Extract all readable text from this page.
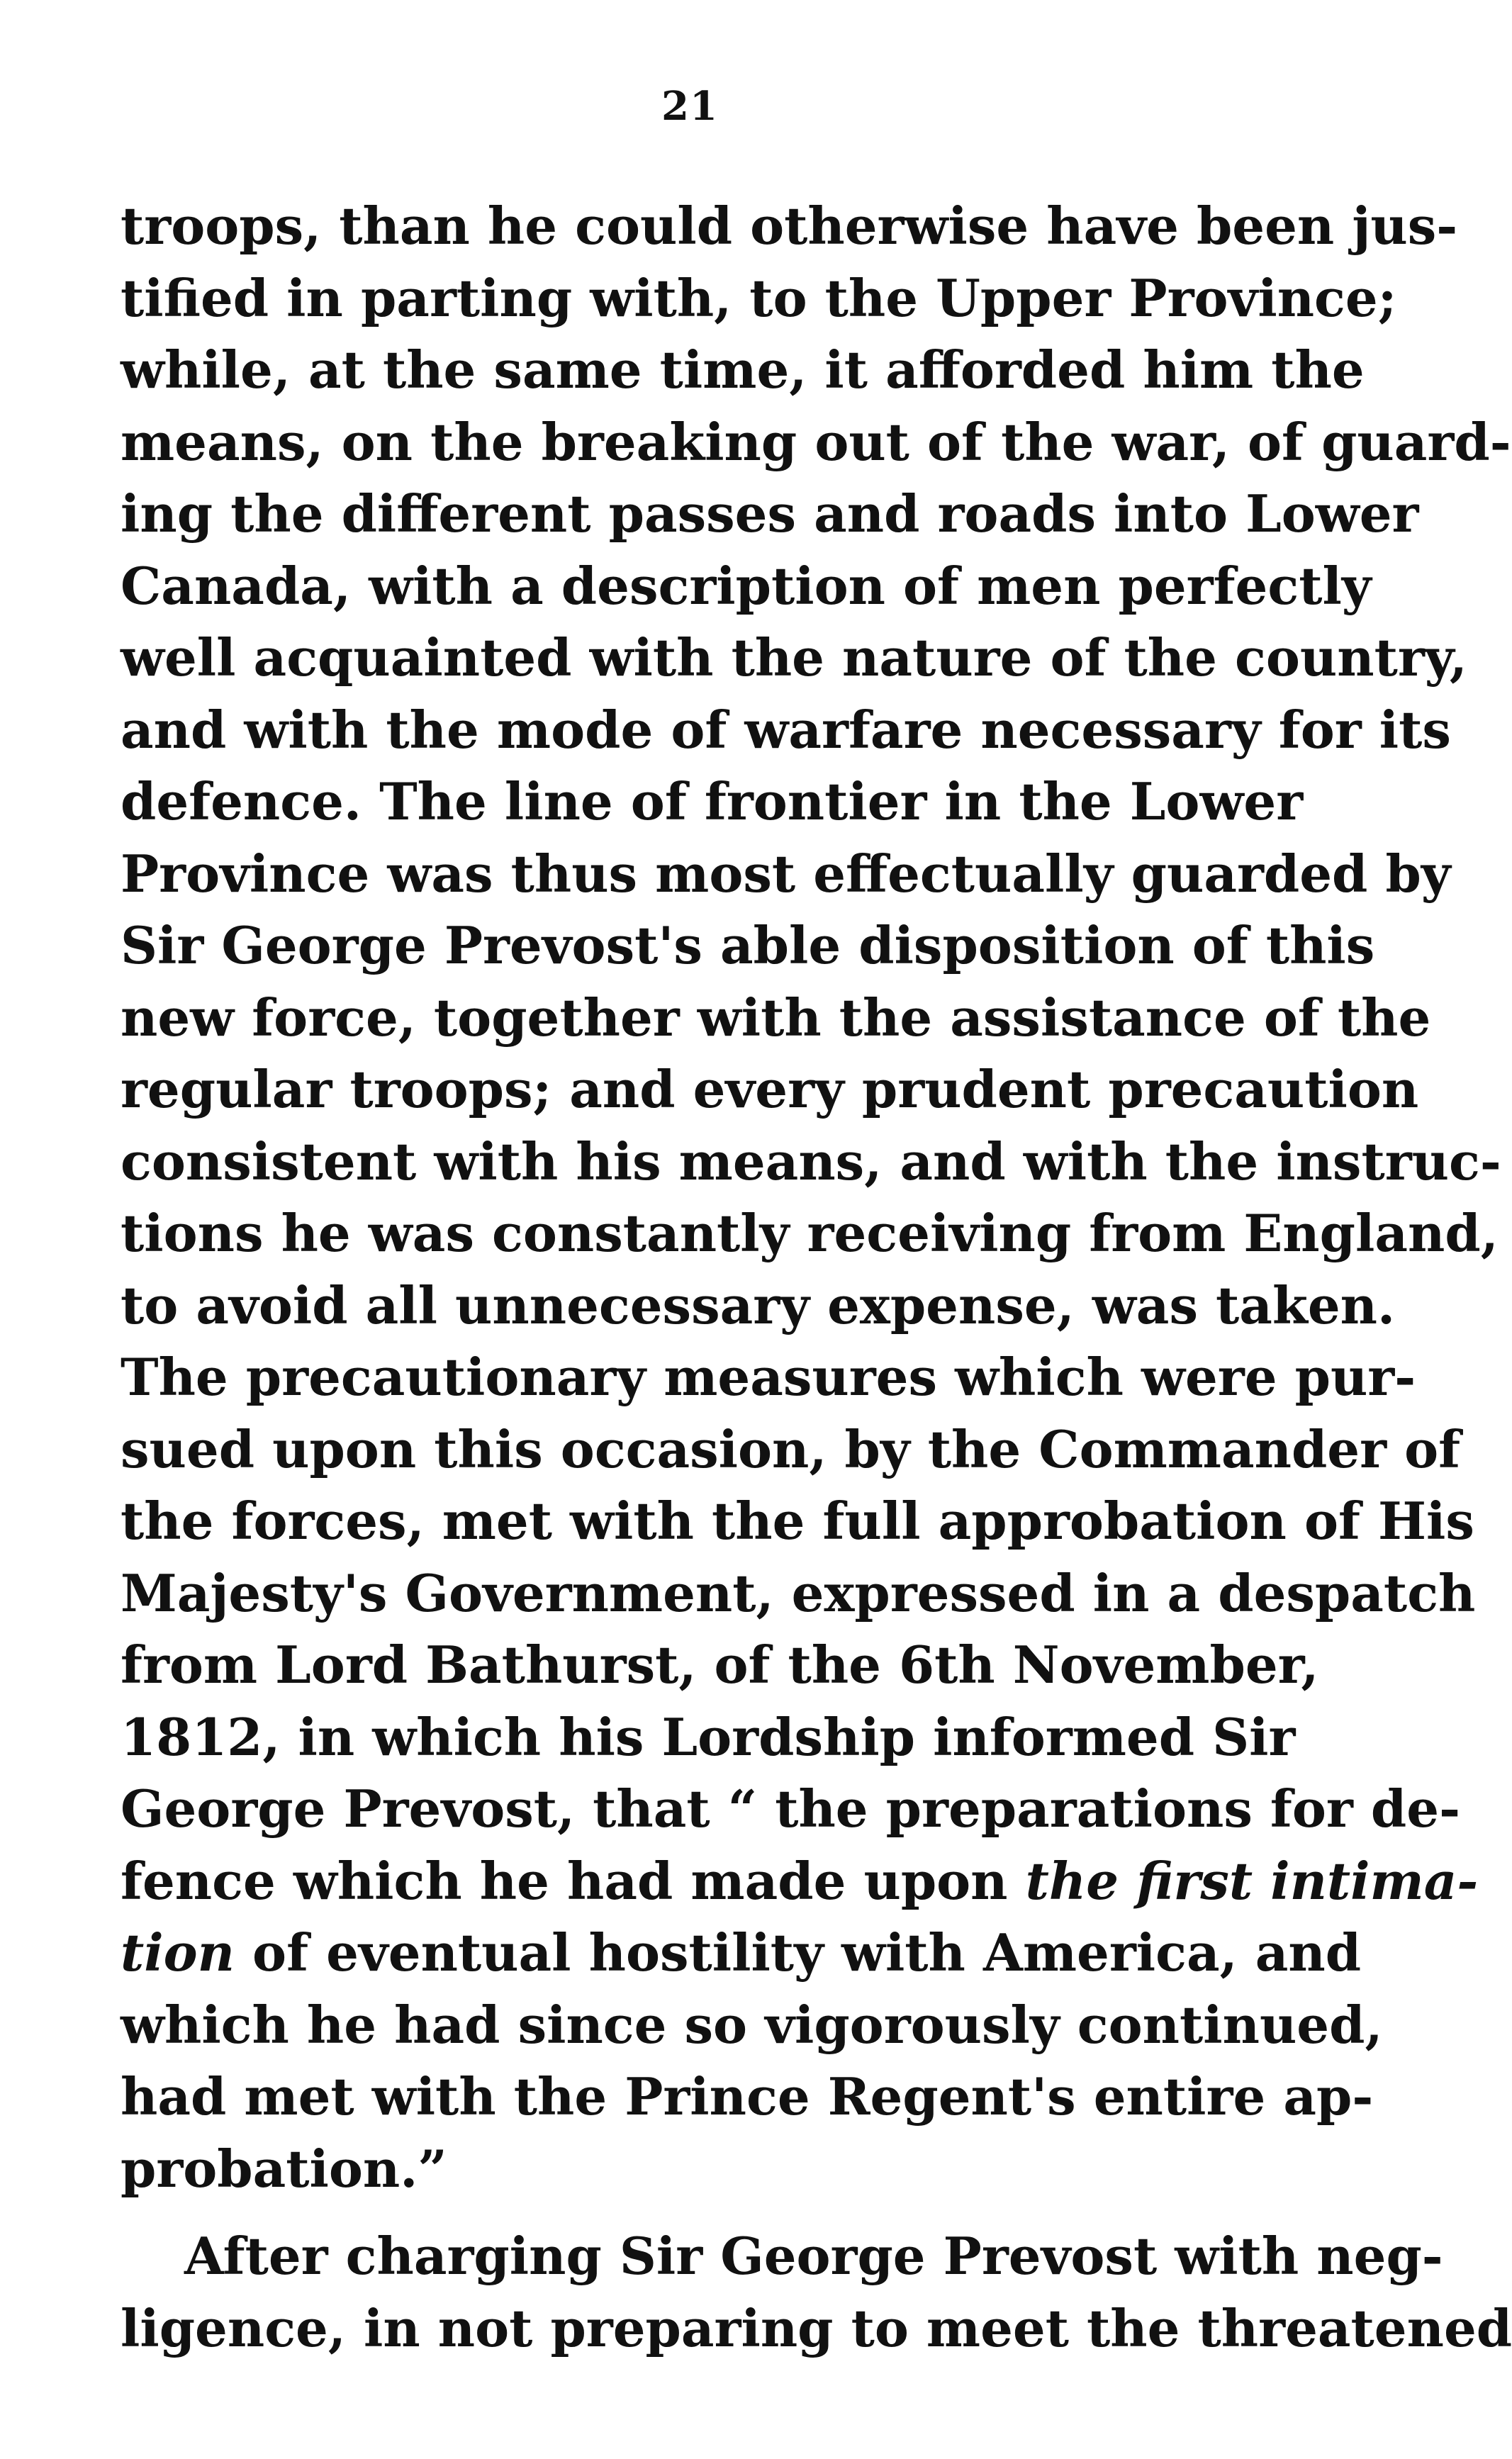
21
troops, than he could otherwise have been jus-
tified in parting with, to the Upper Province;
while, at the same time, it afforded him the
means, on the breaking out of the war, of guard-
ing the different passes and roads into Lower
Canada, with a description of men perfectly
well acquainted with the nature of the country,
and with the mode of warfare necessary for its
defence. The line of frontier in the Lower
Province was thus most effectually guarded by
Sir George Prevost's able disposition of this
new force, together with the assistance of the
regular troops; and every prudent precaution
consistent with his means, and with the instruc-
tions he was constantly receiving from England,
to avoid all unnecessary expense, was taken.
The precautionary measures which were pur-
sued upon this occasion, by the Commander of
the forces, met with the full approbation of His
Majesty's Government, expressed in a despatch
from Lord Bathurst, of the 6th November,
1812, in which his Lordship informed Sir
George Prevost, that “ the preparations for de-
fence which he had made upon the first intima-
tion of eventual hostility with America, and
which he had since so vigorously continued,
had met with the Prince Regent's entire ap-
probation.”
After charging Sir George Prevost with neg-
ligence, in not preparing to meet the threatened
